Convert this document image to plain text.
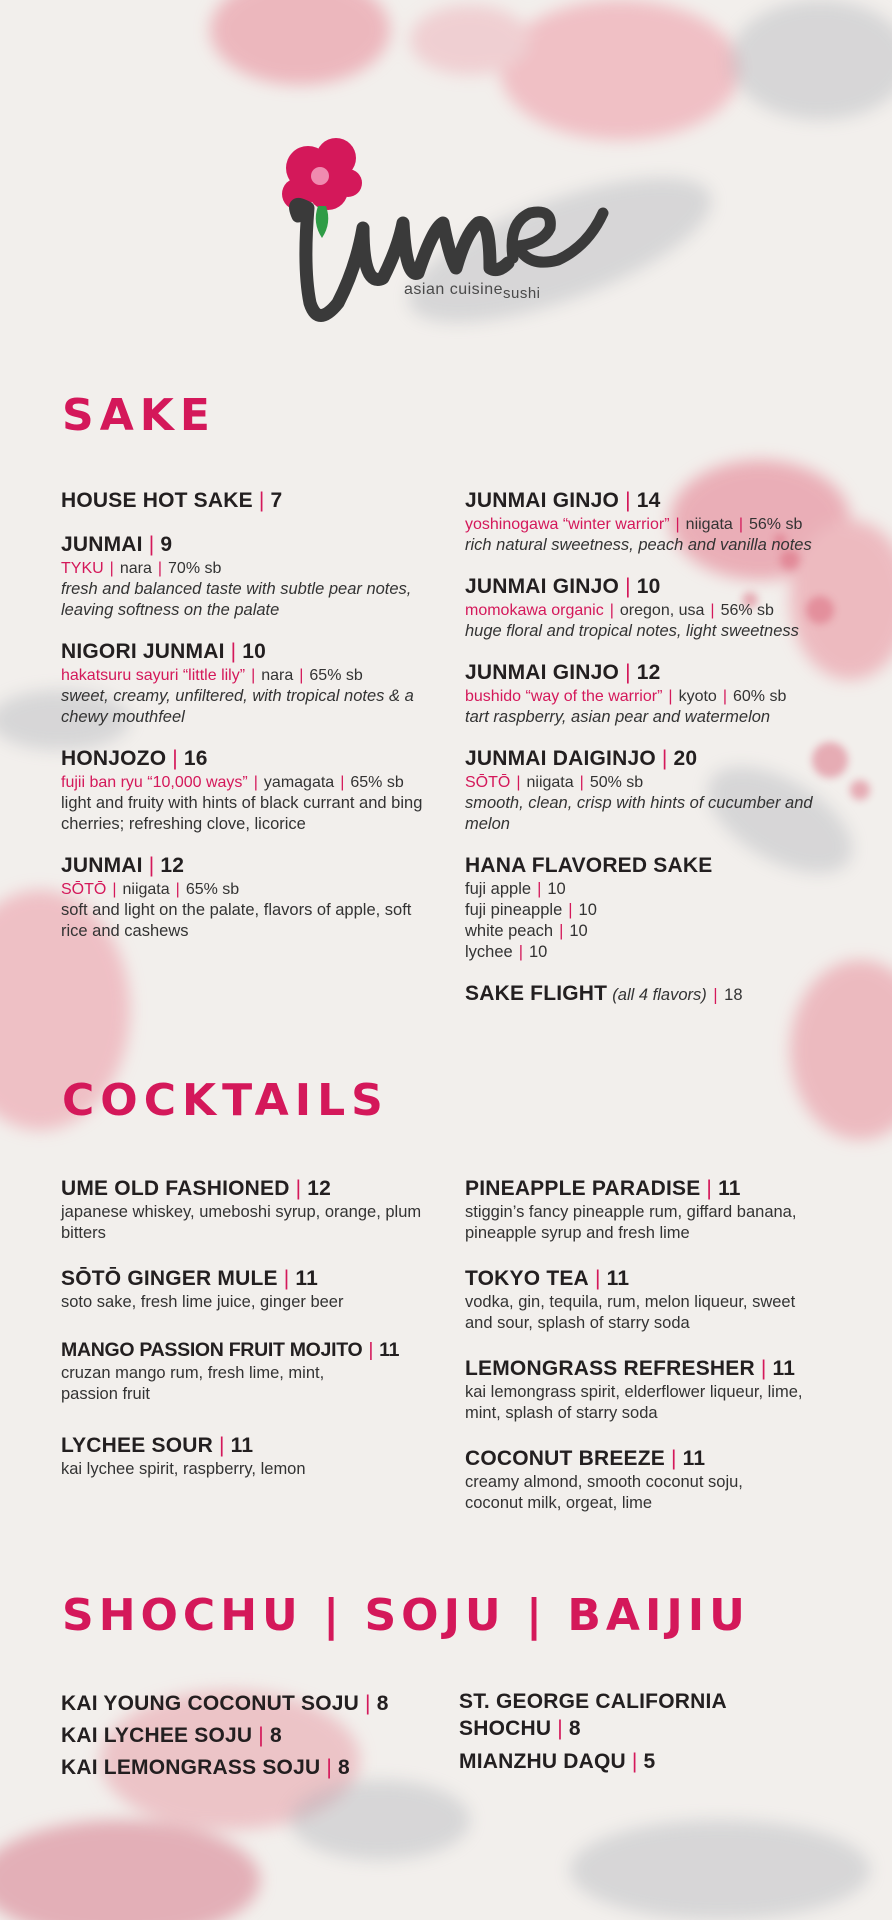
asian cuisinesushi
SAKE
HOUSE HOT SAKE | 7
JUNMAI | 9
TYKU | nara | 70% sb
fresh and balanced taste with subtle pear notes, leaving softness on the palate
NIGORI JUNMAI | 10
hakatsuru sayuri “little lily” | nara | 65% sb
sweet, creamy, unfiltered, with tropical notes & a chewy mouthfeel
HONJOZO | 16
fujii ban ryu “10,000 ways” | yamagata | 65% sb
light and fruity with hints of black currant and bing cherries; refreshing clove, licorice
JUNMAI | 12
SŌTŌ | niigata | 65% sb
soft and light on the palate, flavors of apple, soft rice and cashews
JUNMAI GINJO | 14
yoshinogawa “winter warrior” | niigata | 56% sb
rich natural sweetness, peach and vanilla notes
JUNMAI GINJO | 10
momokawa organic | oregon, usa | 56% sb
huge floral and tropical notes, light sweetness
JUNMAI GINJO | 12
bushido “way of the warrior” | kyoto | 60% sb
tart raspberry, asian pear and watermelon
JUNMAI DAIGINJO | 20
SŌTŌ | niigata | 50% sb
smooth, clean, crisp with hints of cucumber and melon
HANA FLAVORED SAKE
fuji apple | 10
fuji pineapple | 10
white peach | 10
lychee | 10
SAKE FLIGHT (all 4 flavors) | 18
COCKTAILS
UME OLD FASHIONED | 12
japanese whiskey, umeboshi syrup, orange, plum bitters
SŌTŌ GINGER MULE | 11
soto sake, fresh lime juice, ginger beer
MANGO PASSION FRUIT MOJITO | 11
cruzan mango rum, fresh lime, mint, passion fruit
LYCHEE SOUR | 11
kai lychee spirit, raspberry, lemon
PINEAPPLE PARADISE | 11
stiggin’s fancy pineapple rum, giffard banana, pineapple syrup and fresh lime
TOKYO TEA | 11
vodka, gin, tequila, rum, melon liqueur, sweet and sour, splash of starry soda
LEMONGRASS REFRESHER | 11
kai lemongrass spirit, elderflower liqueur, lime, mint, splash of starry soda
COCONUT BREEZE | 11
creamy almond, smooth coconut soju, coconut milk, orgeat, lime
SHOCHU | SOJU | BAIJIU
KAI YOUNG COCONUT SOJU | 8
KAI LYCHEE SOJU | 8
KAI LEMONGRASS SOJU | 8
ST. GEORGE CALIFORNIA SHOCHU | 8
MIANZHU DAQU | 5
